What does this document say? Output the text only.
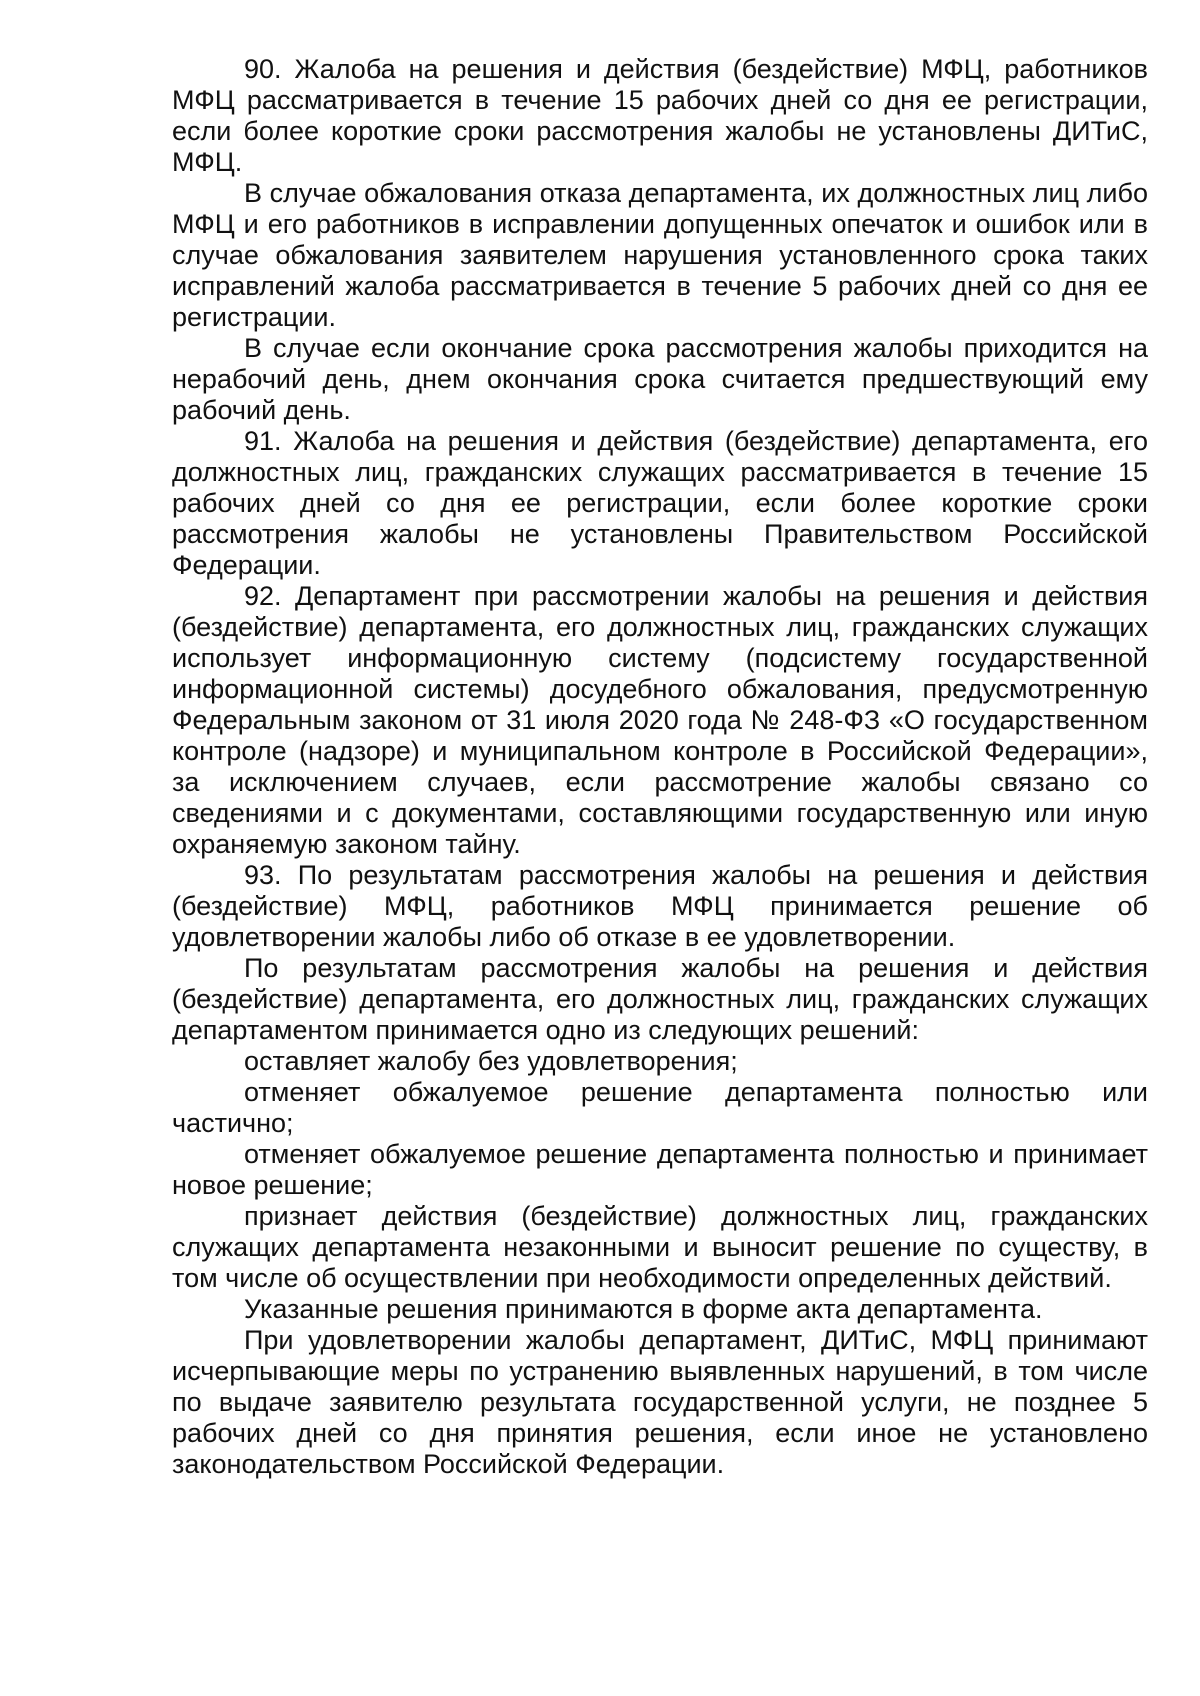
90. Жалоба на решения и действия (бездействие) МФЦ, работников МФЦ рассматривается в течение 15 рабочих дней со дня ее регистрации, если более короткие сроки рассмотрения жалобы не установлены ДИТиС, МФЦ.

В случае обжалования отказа департамента, их должностных лиц либо МФЦ и его работников в исправлении допущенных опечаток и ошибок или в случае обжалования заявителем нарушения установленного срока таких исправлений жалоба рассматривается в течение 5 рабочих дней со дня ее регистрации.

В случае если окончание срока рассмотрения жалобы приходится на нерабочий день, днем окончания срока считается предшествующий ему рабочий день.

91. Жалоба на решения и действия (бездействие) департамента, его должностных лиц, гражданских служащих рассматривается в течение 15 рабочих дней со дня ее регистрации, если более короткие сроки рассмотрения жалобы не установлены Правительством Российской Федерации.

92. Департамент при рассмотрении жалобы на решения и действия (бездействие) департамента, его должностных лиц, гражданских служащих использует информационную систему (подсистему государственной информационной системы) досудебного обжалования, предусмотренную Федеральным законом от 31 июля 2020 года № 248-ФЗ «О государственном контроле (надзоре) и муниципальном контроле в Российской Федерации», за исключением случаев, если рассмотрение жалобы связано со сведениями и с документами, составляющими государственную или иную охраняемую законом тайну.

93. По результатам рассмотрения жалобы на решения и действия (бездействие) МФЦ, работников МФЦ принимается решение об удовлетворении жалобы либо об отказе в ее удовлетворении.

По результатам рассмотрения жалобы на решения и действия (бездействие) департамента, его должностных лиц, гражданских служащих департаментом принимается одно из следующих решений:

оставляет жалобу без удовлетворения;

отменяет обжалуемое решение департамента полностью или частично;

отменяет обжалуемое решение департамента полностью и принимает новое решение;

признает действия (бездействие) должностных лиц, гражданских служащих департамента незаконными и выносит решение по существу, в том числе об осуществлении при необходимости определенных действий.

Указанные решения принимаются в форме акта департамента.

При удовлетворении жалобы департамент, ДИТиС, МФЦ принимают исчерпывающие меры по устранению выявленных нарушений, в том числе по выдаче заявителю результата государственной услуги, не позднее 5 рабочих дней со дня принятия решения, если иное не установлено законодательством Российской Федерации.
